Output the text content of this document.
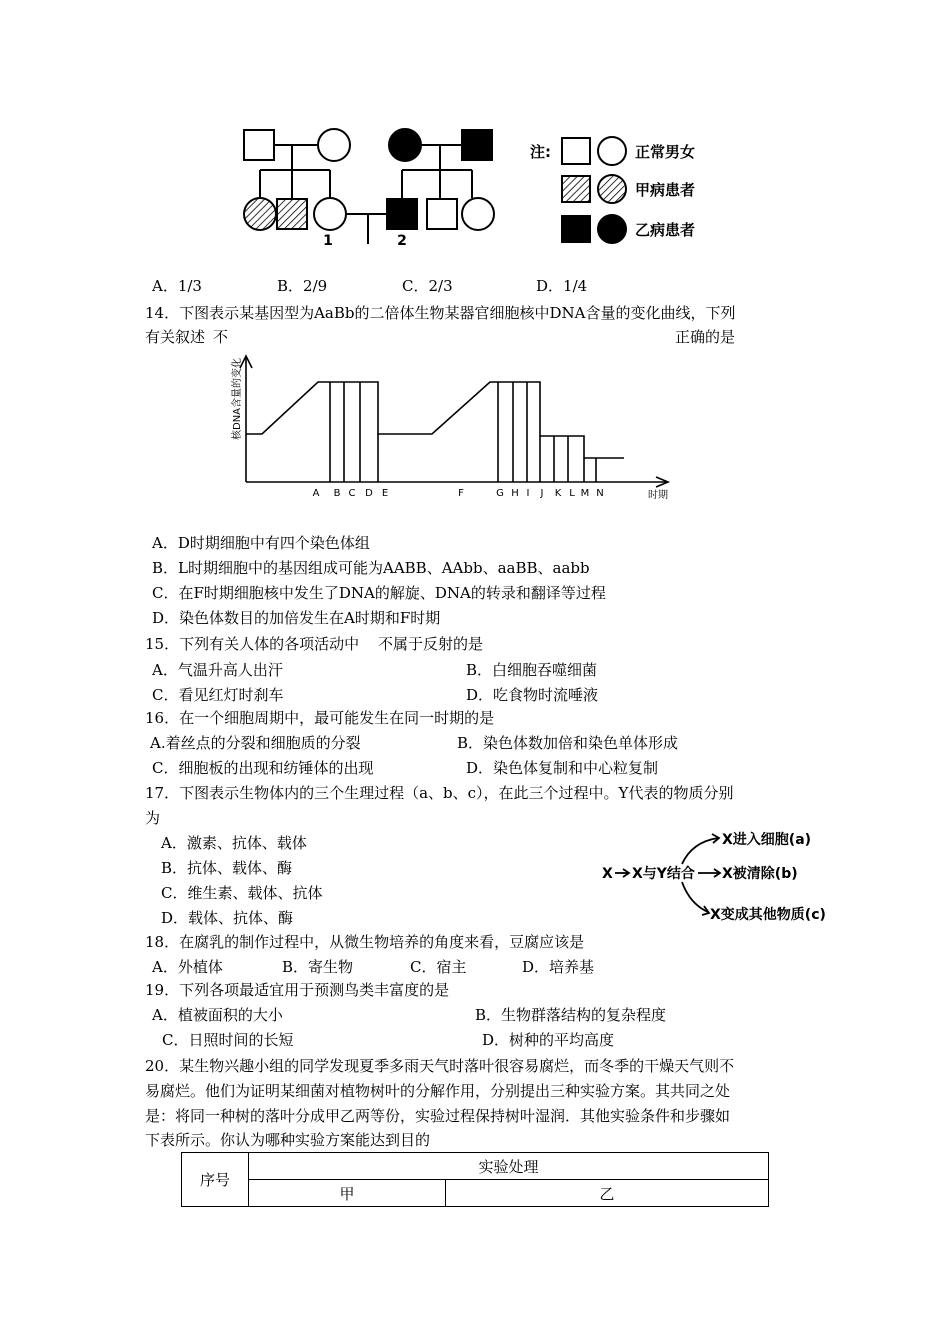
1	2
注:	正常男女
甲病患者
乙病患者
A．1/3	B．2/9	C．2/3	D．1/4
14．下图表示某基因型为AaBb的二倍体生物某器官细胞核中DNA含量的变化曲线，下列
有关叙述 不	正确的是
核DNA含量的变化
时期
A B C D E	F	G H I J K L M N
A．D时期细胞中有四个染色体组
B．L时期细胞中的基因组成可能为AABB、AAbb、aaBB、aabb
C．在F时期细胞核中发生了DNA的解旋、DNA的转录和翻译等过程
D．染色体数目的加倍发生在A时期和F时期
15．下列有关人体的各项活动中 不 属于反射的是
A．气温升高人出汗	B．白细胞吞噬细菌
C．看见红灯时刹车	D．吃食物时流唾液
16．在一个细胞周期中，最可能发生在同一时期的是
A.着丝点的分裂和细胞质的分裂	B．染色体数加倍和染色单体形成
C．细胞板的出现和纺锤体的出现	D．染色体复制和中心粒复制
17．下图表示生物体内的三个生理过程（a、b、c），在此三个过程中。Y代表的物质分别
为
A．激素、抗体、载体
B．抗体、载体、酶
C．维生素、载体、抗体
D．载体、抗体、酶
X X与Y结合
X进入细胞(a)
X被清除(b)
X变成其他物质(c)
18．在腐乳的制作过程中，从微生物培养的角度来看，豆腐应该是
A．外植体	B．寄生物	C．宿主	D．培养基
19．下列各项最适宜用于预测鸟类丰富度的是
A．植被面积的大小	B．生物群落结构的复杂程度
C．日照时间的长短	D．树种的平均高度
20．某生物兴趣小组的同学发现夏季多雨天气时落叶很容易腐烂，而冬季的干燥天气则不
易腐烂。他们为证明某细菌对植物树叶的分解作用，分别提出三种实验方案。其共同之处
是：将同一种树的落叶分成甲乙两等份，实验过程保持树叶湿润．其他实验条件和步骤如
下表所示。你认为哪种实验方案能达到目的
序号	实验处理	
	甲	乙
